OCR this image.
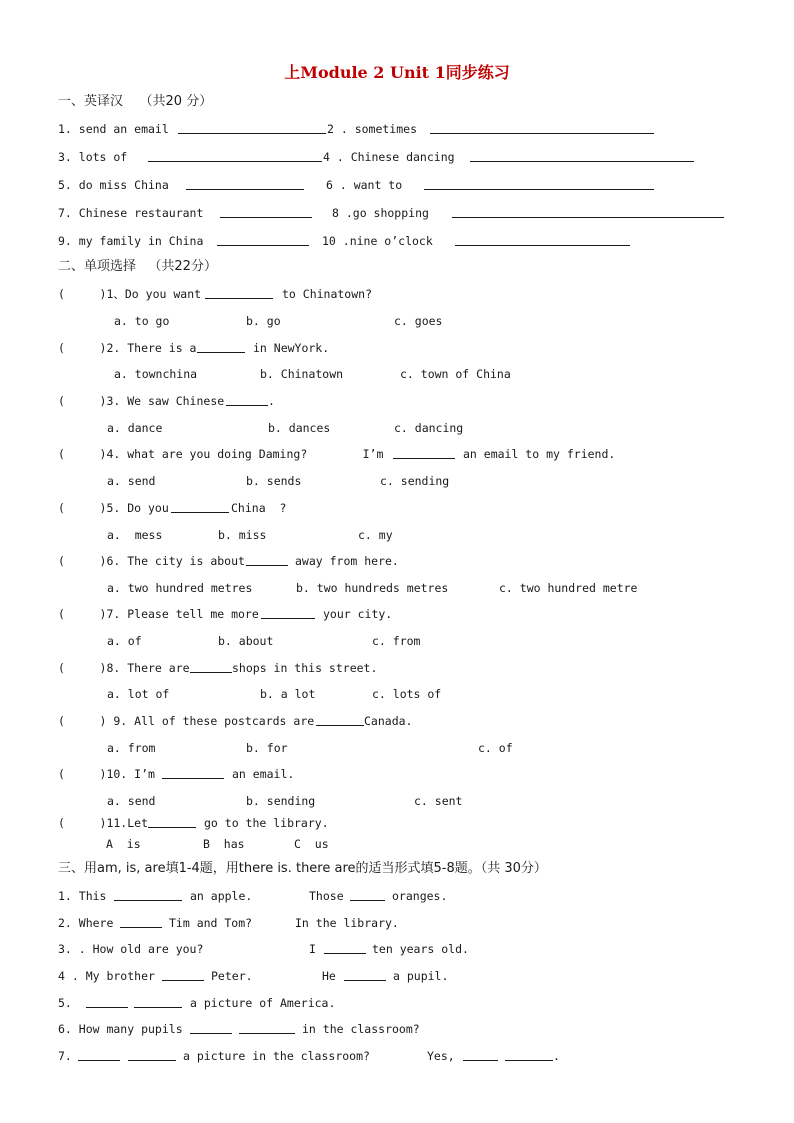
上Module 2 Unit 1同步练习
一、英译汉    （共20 分）
1. send an email	2 . sometimes
3. lots of	4 . Chinese dancing
5. do miss China	6 . want to
7. Chinese restaurant	8 .go shopping
9. my family in China	10 .nine o’clock
二、单项选择   （共22分）
(     )1、Do you want	to Chinatown?
a. to go	b. go	c. goes
(     )2. There is a	in NewYork.
a. townchina	b. Chinatown	c. town of China
(     )3. We saw Chinese	.
a. dance	b. dances	c. dancing
(     )4. what are you doing Daming?        I’m	an email to my friend.
a. send	b. sends	c. sending
(     )5. Do you	China  ?
a.  mess	b. miss	c. my
(     )6. The city is about	away from here.
a. two hundred metres	b. two hundreds metres	c. two hundred metre
(     )7. Please tell me more	your city.
a. of	b. about	c. from
(     )8. There are	shops in this street.
a. lot of	b. a lot	c. lots of
(     ) 9. All of these postcards are	Canada.
a. from	b. for	c. of
(     )10. I’m	an email.
a. send	b. sending	c. sent
(     )11.Let	go to the library.
A  is	B  has	C  us
三、用am, is, are填1-4题，用there is. there are的适当形式填5-8题。（共 30分）
1. This	an apple.	Those	oranges.
2. Where	Tim and Tom?	In the library.
3. . How old are you?	I	ten years old.
4 . My brother	Peter.	He	a pupil.
5.	a picture of America.
6. How many pupils	in the classroom?
7.	a picture in the classroom?	Yes,	.
